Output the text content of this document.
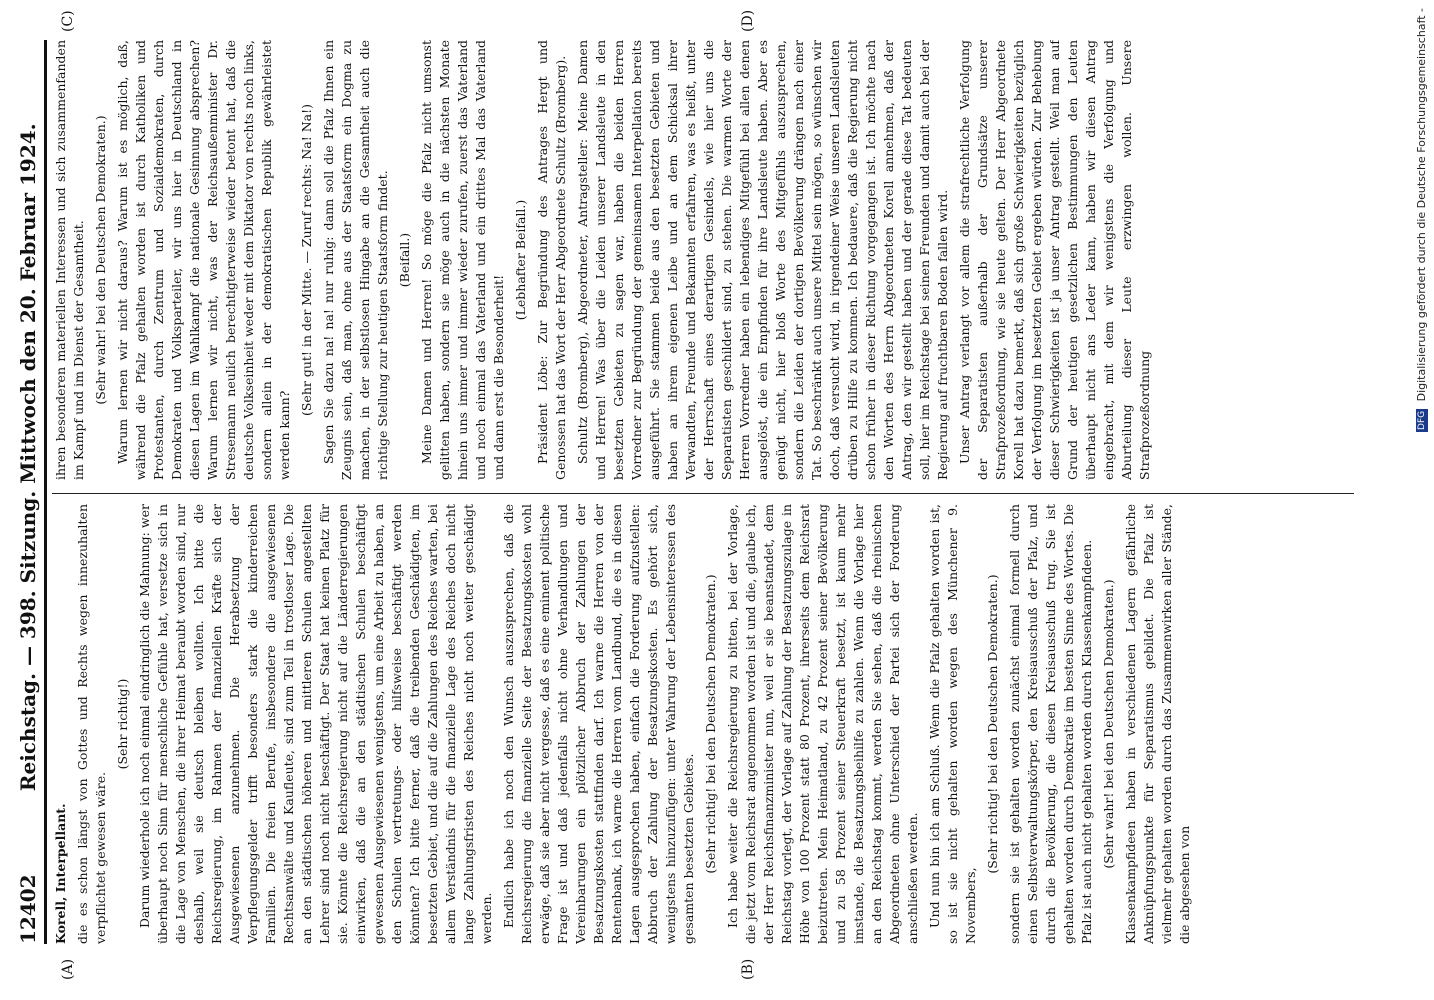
12402
Reichstag. — 398. Sitzung. Mittwoch den 20. Februar 1924.
(A)	(B)
(C)	(D)

Korell, Interpellant. die es schon längst von Gottes und Rechts wegen innezuhalten verpflichtet gewesen wäre.

(Sehr richtig!) Darum wiederhole ich noch einmal eindringlich die Mahnung: wer überhaupt noch Sinn für menschliche Gefühle hat, versetze sich in die Lage von Menschen, die ihrer Heimat beraubt worden sind, nur deshalb, weil sie deutsch bleiben wollten. Ich bitte die Reichsregierung, im Rahmen der finanziellen Kräfte sich der Ausgewiesenen anzunehmen. Die Herabsetzung der Verpflegungsgelder trifft besonders stark die kinderreichen Familien. Die freien Berufe, insbesondere die ausgewiesenen Rechtsanwälte und Kaufleute, sind zum Teil in trostloser Lage. Die an den städtischen höheren und mittleren Schulen angestellten Lehrer sind noch nicht beschäftigt. Der Staat hat keinen Platz für sie. Könnte die Reichsregierung nicht auf die Länderregierungen einwirken, daß die an den städtischen Schulen beschäftigt gewesenen Ausgewiesenen wenigstens, um eine Arbeit zu haben, an den Schulen vertretungs- oder hilfsweise beschäftigt werden könnten? Ich bitte ferner, daß die treibenden Geschädigten, im besetzten Gebiet, und die auf die Zahlungen des Reiches warten, bei allem Verständnis für die finanzielle Lage des Reiches doch nicht lange Zahlungsfristen des Reiches nicht noch weiter geschädigt werden. Endlich habe ich noch den Wunsch auszusprechen, daß die Reichsregierung die finanzielle Seite der Besatzungskosten wohl erwäge, daß sie aber nicht vergesse, daß es eine eminent politische Frage ist und daß jedenfalls nicht ohne Verhandlungen und Vereinbarungen ein plötzlicher Abbruch der Zahlungen der Besatzungskosten stattfinden darf. Ich warne die Herren von der Rentenbank, ich warne die Herren vom Landbund, die es in diesen Lagen ausgesprochen haben, einfach die Forderung aufzustellen: Abbruch der Zahlung der Besatzungskosten. Es gehört sich, wenigstens hinzuzufügen: unter Wahrung der Lebensinteressen des gesamten besetzten Gebietes. (Sehr richtig! bei den Deutschen Demokraten.) Ich habe weiter die Reichsregierung zu bitten, bei der Vorlage, die jetzt vom Reichsrat angenommen worden ist und die, glaube ich, der Herr Reichsfinanzminister nun, weil er sie beanstandet, dem Reichstag vorlegt, der Vorlage auf Zahlung der Besatzungszulage in Höhe von 100 Prozent statt 80 Prozent, ihrerseits dem Reichsrat beizutreten. Mein Heimatland, zu 42 Prozent seiner Bevölkerung und zu 58 Prozent seiner Steuerkraft besetzt, ist kaum mehr imstande, die Besatzungsbeihilfe zu zahlen. Wenn die Vorlage hier an den Reichstag kommt, werden Sie sehen, daß die rheinischen Abgeordneten ohne Unterschied der Partei sich der Forderung anschließen werden. Und nun bin ich am Schluß. Wenn die Pfalz gehalten worden ist, so ist sie nicht gehalten worden wegen des Münchener 9. Novembers,

(Sehr richtig! bei den Deutschen Demokraten.) sondern sie ist gehalten worden zunächst einmal formell durch einen Selbstverwaltungskörper, den Kreisausschuß der Pfalz, und durch die Bevölkerung, die diesen Kreisausschuß trug. Sie ist gehalten worden durch Demokratie im besten Sinne des Wortes. Die Pfalz ist auch nicht gehalten worden durch Klassenkampfideen. (Sehr wahr! bei den Deutschen Demokraten.) Klassenkampfideen haben in verschiedenen Lagern gefährliche Anknüpfungspunkte für Separatismus gebildet. Die Pfalz ist vielmehr gehalten worden durch das Zusammenwirken aller Stände, die abgesehen von

ihren besonderen materiellen Interessen und sich zusammenfanden im Kampf und im Dienst der Gesamtheit. (Sehr wahr! bei den Deutschen Demokraten.) Warum lernen wir nicht daraus? Warum ist es möglich, daß, während die Pfalz gehalten worden ist durch Katholiken und Protestanten, durch Zentrum und Sozialdemokraten, durch Demokraten und Volksparteiler, wir uns hier in Deutschland in diesen Lagen im Wahlkampf die nationale Gesinnung absprechen? Warum lernen wir nicht, was der Reichsaußenminister Dr. Stresemann neulich berechtigterweise wieder betont hat, daß die deutsche Volkseinheit weder mit dem Diktator von rechts noch links, sondern allein in der demokratischen Republik gewährleistet werden kann?

(Sehr gut! in der Mitte. — Zuruf rechts: Na! Na!) Sagen Sie dazu na! na! nur ruhig: dann soll die Pfalz Ihnen ein Zeugnis sein, daß man, ohne aus der Staatsform ein Dogma zu machen, in der selbstlosen Hingabe an die Gesamtheit auch die richtige Stellung zur heutigen Staatsform findet. (Beifall.) Meine Damen und Herren! So möge die Pfalz nicht umsonst gelitten haben, sondern sie möge auch in die nächsten Monate hinein uns immer und immer wieder zurufen, zuerst das Vaterland und noch einmal das Vaterland und ein drittes Mal das Vaterland und dann erst die Besonderheit!

(Lebhafter Beifall.) Präsident Löbe: Zur Begründung des Antrages Hergt und Genossen hat das Wort der Herr Abgeordnete Schultz (Bromberg). Schultz (Bromberg), Abgeordneter, Antragsteller: Meine Damen und Herren! Was über die Leiden unserer Landsleute in den besetzten Gebieten zu sagen war, haben die beiden Herren Vorredner zur Begründung der gemeinsamen Interpellation bereits ausgeführt. Sie stammen beide aus den besetzten Gebieten und haben an ihrem eigenen Leibe und an dem Schicksal ihrer Verwandten, Freunde und Bekannten erfahren, was es heißt, unter der Herrschaft eines derartigen Gesindels, wie hier uns die Separatisten geschildert sind, zu stehen. Die warmen Worte der Herren Vorredner haben ein lebendiges Mitgefühl bei allen denen ausgelöst, die ein Empfinden für ihre Landsleute haben. Aber es genügt nicht, hier bloß Worte des Mitgefühls auszusprechen, sondern die Leiden der dortigen Bevölkerung drängen nach einer Tat. So beschränkt auch unsere Mittel sein mögen, so wünschen wir doch, daß versucht wird, in irgendeiner Weise unseren Landsleuten drüben zu Hilfe zu kommen. Ich bedauere, daß die Regierung nicht schon früher in dieser Richtung vorgegangen ist. Ich möchte nach den Worten des Herrn Abgeordneten Korell annehmen, daß der Antrag, den wir gestellt haben und der gerade diese Tat bedeuten soll, hier im Reichstage bei seinen Freunden und damit auch bei der Regierung auf fruchtbaren Boden fallen wird. Unser Antrag verlangt vor allem die strafrechtliche Verfolgung der Separatisten außerhalb der Grundsätze unserer Strafprozeßordnung, wie sie heute gelten. Der Herr Abgeordnete Korell hat dazu bemerkt, daß sich große Schwierigkeiten bezüglich der Verfolgung im besetzten Gebiet ergeben würden. Zur Behebung dieser Schwierigkeiten ist ja unser Antrag gestellt. Weil man auf Grund der heutigen gesetzlichen Bestimmungen den Leuten überhaupt nicht ans Leder kann, haben wir diesen Antrag eingebracht, mit dem wir wenigstens die Verfolgung und Aburteilung dieser Leute erzwingen wollen. Unsere Strafprozeßordnung	DFG Digitalisierung gefördert durch die Deutsche Forschungsgemeinschaft -
